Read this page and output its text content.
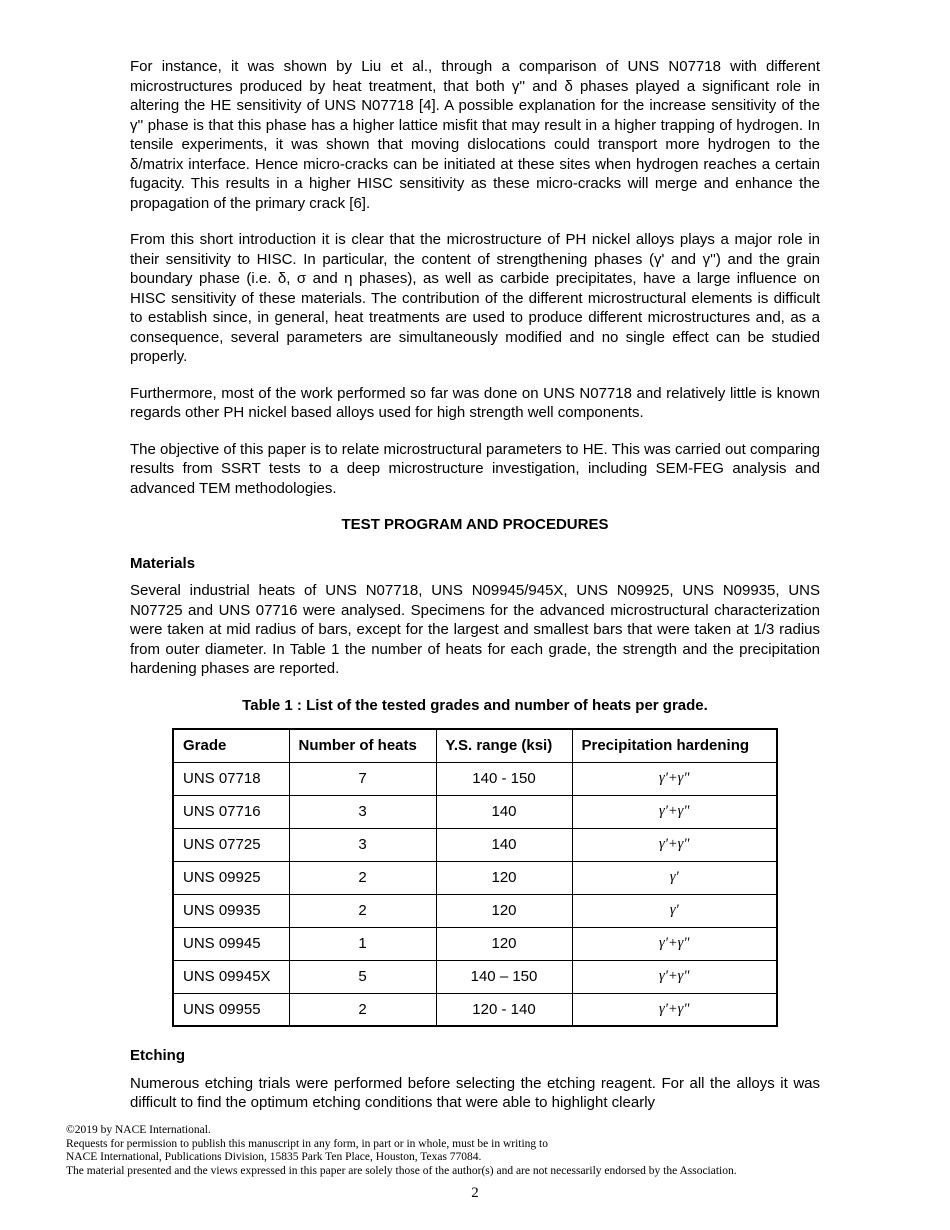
For instance, it was shown by Liu et al., through a comparison of UNS N07718 with different microstructures produced by heat treatment, that both γ'' and δ phases played a significant role in altering the HE sensitivity of UNS N07718 [4]. A possible explanation for the increase sensitivity of the γ'' phase is that this phase has a higher lattice misfit that may result in a higher trapping of hydrogen. In tensile experiments, it was shown that moving dislocations could transport more hydrogen to the δ/matrix interface. Hence micro-cracks can be initiated at these sites when hydrogen reaches a certain fugacity. This results in a higher HISC sensitivity as these micro-cracks will merge and enhance the propagation of the primary crack [6].

From this short introduction it is clear that the microstructure of PH nickel alloys plays a major role in their sensitivity to HISC. In particular, the content of strengthening phases (γ' and γ'') and the grain boundary phase (i.e. δ, σ and η phases), as well as carbide precipitates, have a large influence on HISC sensitivity of these materials. The contribution of the different microstructural elements is difficult to establish since, in general, heat treatments are used to produce different microstructures and, as a consequence, several parameters are simultaneously modified and no single effect can be studied properly.

Furthermore, most of the work performed so far was done on UNS N07718 and relatively little is known regards other PH nickel based alloys used for high strength well components.

The objective of this paper is to relate microstructural parameters to HE. This was carried out comparing results from SSRT tests to a deep microstructure investigation, including SEM-FEG analysis and advanced TEM methodologies.

TEST PROGRAM AND PROCEDURES
Materials

Several industrial heats of UNS N07718, UNS N09945/945X, UNS N09925, UNS N09935, UNS N07725 and UNS 07716 were analysed. Specimens for the advanced microstructural characterization were taken at mid radius of bars, except for the largest and smallest bars that were taken at 1/3 radius from outer diameter. In Table 1 the number of heats for each grade, the strength and the precipitation hardening phases are reported.

Table 1 : List of the tested grades and number of heats per grade.
Grade	Number of heats	Y.S. range (ksi)	Precipitation hardening
UNS 07718	7	140 - 150	γ'+γ"
UNS 07716	3	140	γ'+γ"
UNS 07725	3	140	γ'+γ"
UNS 09925	2	120	γ'
UNS 09935	2	120	γ'
UNS 09945	1	120	γ'+γ"
UNS 09945X	5	140 – 150	γ'+γ"
UNS 09955	2	120 - 140	γ'+γ"
Etching

Numerous etching trials were performed before selecting the etching reagent. For all the alloys it was difficult to find the optimum etching conditions that were able to highlight clearly

©2019 by NACE International.
Requests for permission to publish this manuscript in any form, in part or in whole, must be in writing to
NACE International, Publications Division, 15835 Park Ten Place, Houston, Texas 77084.
The material presented and the views expressed in this paper are solely those of the author(s) and are not necessarily endorsed by the Association.
2
